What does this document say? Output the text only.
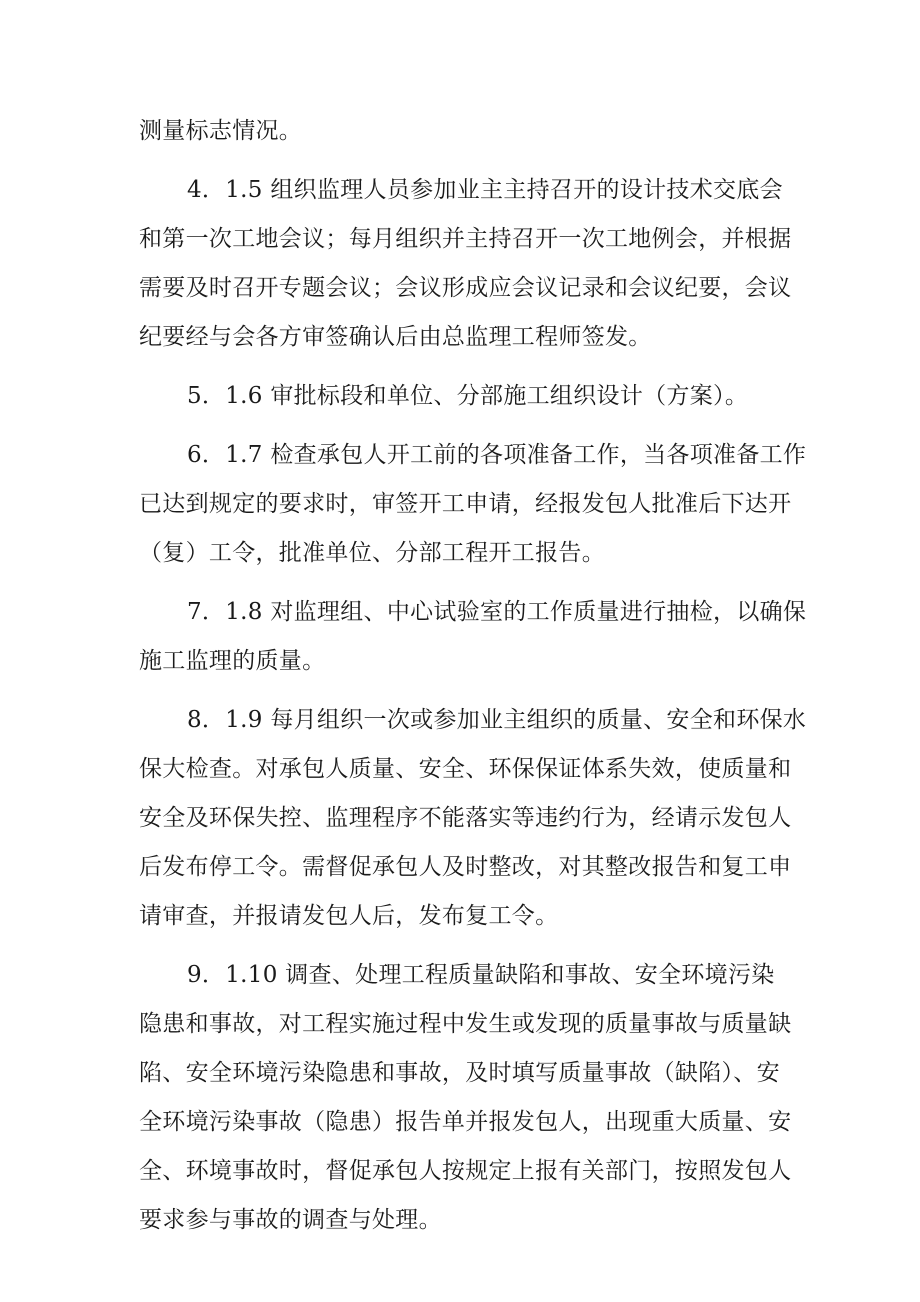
测量标志情况。
4．1.5 组织监理人员参加业主主持召开的设计技术交底会
和第一次工地会议；每月组织并主持召开一次工地例会，并根据
需要及时召开专题会议；会议形成应会议记录和会议纪要，会议
纪要经与会各方审签确认后由总监理工程师签发。
5．1.6 审批标段和单位、分部施工组织设计（方案）。
6．1.7 检查承包人开工前的各项准备工作，当各项准备工作
已达到规定的要求时，审签开工申请，经报发包人批准后下达开
（复）工令，批准单位、分部工程开工报告。
7．1.8 对监理组、中心试验室的工作质量进行抽检，以确保
施工监理的质量。
8．1.9 每月组织一次或参加业主组织的质量、安全和环保水
保大检查。对承包人质量、安全、环保保证体系失效，使质量和
安全及环保失控、监理程序不能落实等违约行为，经请示发包人
后发布停工令。需督促承包人及时整改，对其整改报告和复工申
请审查，并报请发包人后，发布复工令。
9．1.10 调查、处理工程质量缺陷和事故、安全环境污染
隐患和事故，对工程实施过程中发生或发现的质量事故与质量缺
陷、安全环境污染隐患和事故，及时填写质量事故（缺陷）、安
全环境污染事故（隐患）报告单并报发包人，出现重大质量、安
全、环境事故时，督促承包人按规定上报有关部门，按照发包人
要求参与事故的调查与处理。
